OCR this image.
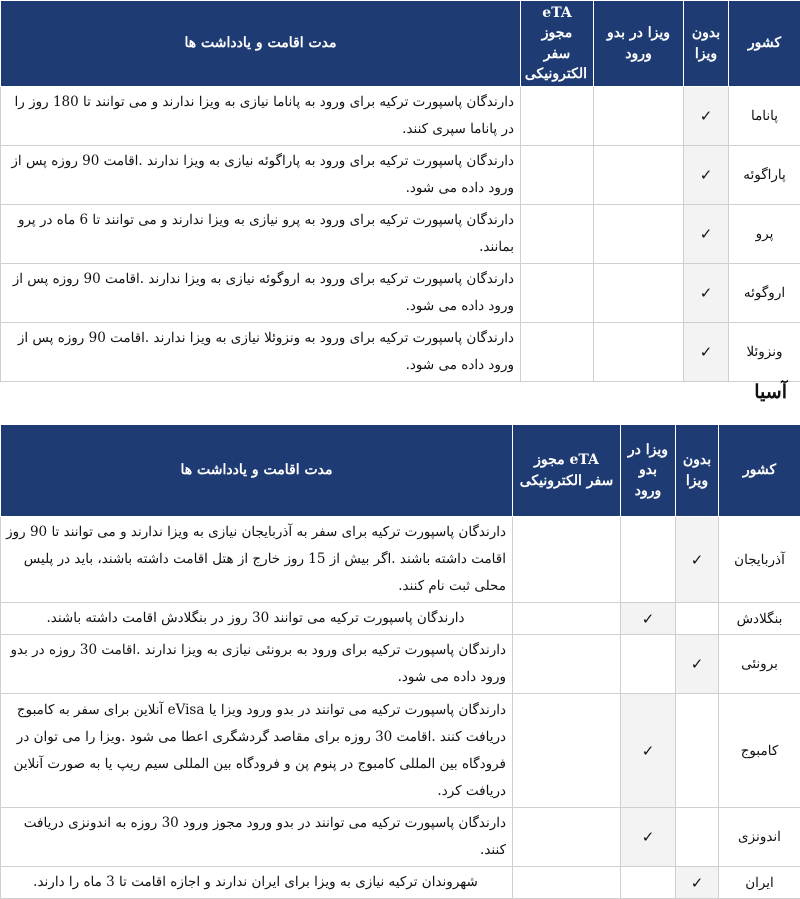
مدت اقامت و یادداشت ها	eTA مجوز سفر الکترونیکی	ویزا در بدو ورود	بدون ویزا	کشور

دارندگان پاسپورت ترکیه برای ورود به پاناما نیازی به ویزا ندارند و می توانند تا 180 روز را در پاناما سپری کنند.			✓	پاناما
دارندگان پاسپورت ترکیه برای ورود به پاراگوئه نیازی به ویزا ندارند .اقامت 90 روزه پس از ورود داده می شود.			✓	پاراگوئه
دارندگان پاسپورت ترکیه برای ورود به پرو نیازی به ویزا ندارند و می توانند تا 6 ماه در پرو بمانند.			✓	پرو
دارندگان پاسپورت ترکیه برای ورود به اروگوئه نیازی به ویزا ندارند .اقامت 90 روزه پس از ورود داده می شود.			✓	اروگوئه
دارندگان پاسپورت ترکیه برای ورود به ونزوئلا نیازی به ویزا ندارند .اقامت 90 روزه پس از ورود داده می شود.			✓	ونزوئلا
آسیا
مدت اقامت و یادداشت ها	eTA مجوز سفر الکترونیکی	ویزا در بدو ورود	بدون ویزا	کشور

دارندگان پاسپورت ترکیه برای سفر به آذربایجان نیازی به ویزا ندارند و می توانند تا 90 روز اقامت داشته باشند .اگر بیش از 15 روز خارج از هتل اقامت داشته باشند، باید در پلیس محلی ثبت نام کنند.			✓	آذربایجان
دارندگان پاسپورت ترکیه می توانند 30 روز در بنگلادش اقامت داشته باشند.		✓		بنگلادش
دارندگان پاسپورت ترکیه برای ورود به برونئی نیازی به ویزا ندارند .اقامت 30 روزه در بدو ورود داده می شود.			✓	برونئی
دارندگان پاسپورت ترکیه می توانند در بدو ورود ویزا یا eVisa آنلاین برای سفر به کامبوج دریافت کنند .اقامت 30 روزه برای مقاصد گردشگری اعطا می شود .ویزا را می توان در فرودگاه بین المللی کامبوج در پنوم پن و فرودگاه بین المللی سیم ریپ یا به صورت آنلاین دریافت کرد.		✓		کامبوج
دارندگان پاسپورت ترکیه می توانند در بدو ورود مجوز ورود 30 روزه به اندونزی دریافت کنند.		✓		اندونزی
شهروندان ترکیه نیازی به ویزا برای ایران ندارند و اجازه اقامت تا 3 ماه را دارند.			✓	ایران
